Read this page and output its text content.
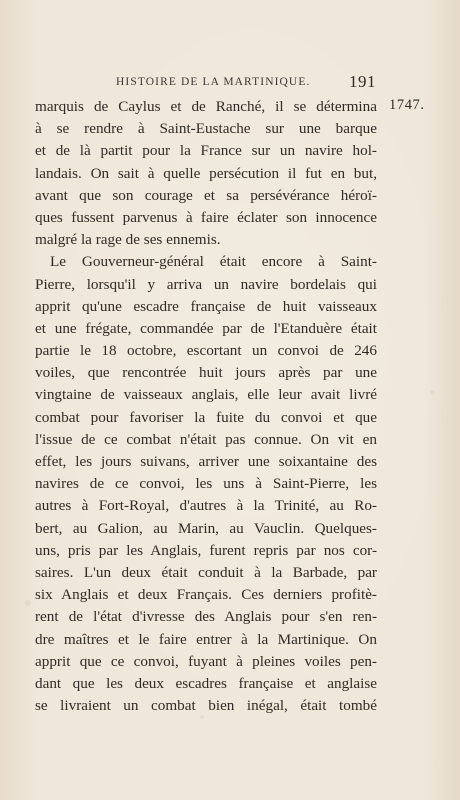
HISTOIRE DE LA MARTINIQUE. 191
1747.
marquis de Caylus et de Ranché, il se détermina
à se rendre à Saint-Eustache sur une barque
et de là partit pour la France sur un navire hol-
landais. On sait à quelle persécution il fut en but,
avant que son courage et sa persévérance héroï-
ques fussent parvenus à faire éclater son innocence
malgré la rage de ses ennemis.
Le Gouverneur-général était encore à Saint-
Pierre, lorsqu'il y arriva un navire bordelais qui
apprit qu'une escadre française de huit vaisseaux
et une frégate, commandée par de l'Etanduère était
partie le 18 octobre, escortant un convoi de 246
voiles, que rencontrée huit jours après par une
vingtaine de vaisseaux anglais, elle leur avait livré
combat pour favoriser la fuite du convoi et que
l'issue de ce combat n'était pas connue. On vit en
effet, les jours suivans, arriver une soixantaine des
navires de ce convoi, les uns à Saint-Pierre, les
autres à Fort-Royal, d'autres à la Trinité, au Ro-
bert, au Galion, au Marin, au Vauclin. Quelques-
uns, pris par les Anglais, furent repris par nos cor-
saires. L'un deux était conduit à la Barbade, par
six Anglais et deux Français. Ces derniers profitè-
rent de l'état d'ivresse des Anglais pour s'en ren-
dre maîtres et le faire entrer à la Martinique. On
apprit que ce convoi, fuyant à pleines voiles pen-
dant que les deux escadres française et anglaise
se livraient un combat bien inégal, était tombé
